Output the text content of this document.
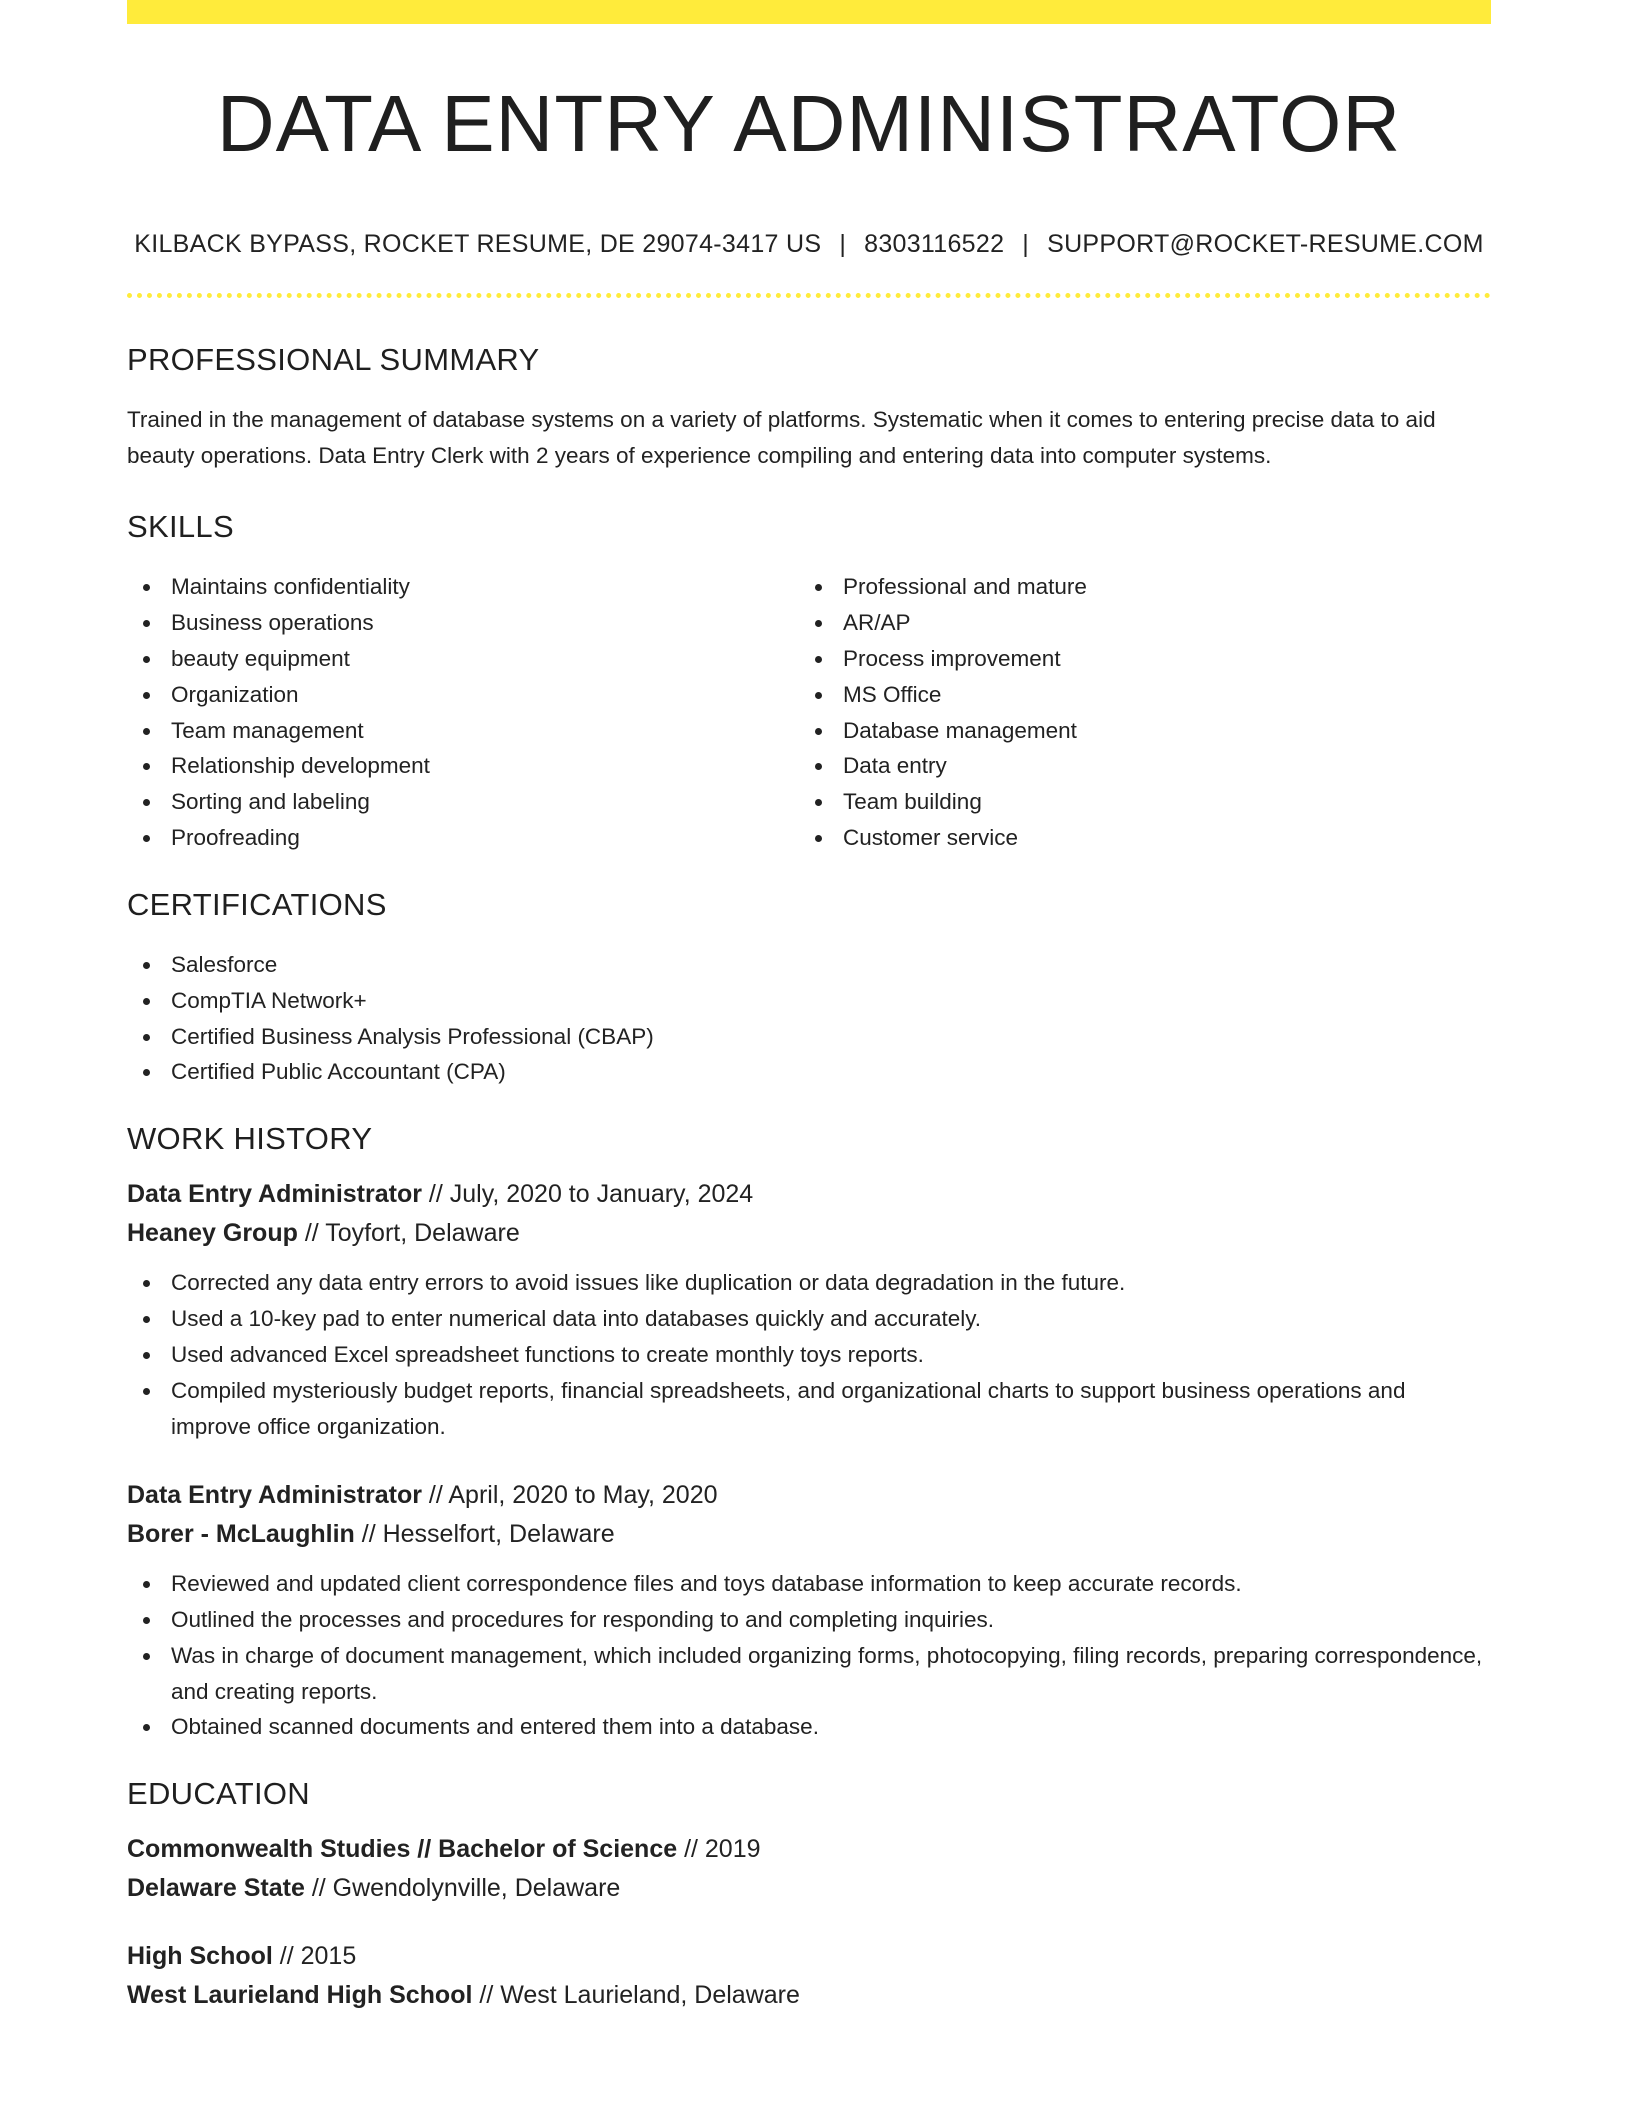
DATA ENTRY ADMINISTRATOR
KILBACK BYPASS, ROCKET RESUME, DE 29074-3417 US | 8303116522 | SUPPORT@ROCKET-RESUME.COM
PROFESSIONAL SUMMARY

Trained in the management of database systems on a variety of platforms. Systematic when it comes to entering precise data to aid beauty operations. Data Entry Clerk with 2 years of experience compiling and entering data into computer systems.

SKILLS
Maintains confidentiality
Business operations
beauty equipment
Organization
Team management
Relationship development
Sorting and labeling
Proofreading
Professional and mature
AR/AP
Process improvement
MS Office
Database management
Data entry
Team building
Customer service
CERTIFICATIONS
Salesforce
CompTIA Network+
Certified Business Analysis Professional (CBAP)
Certified Public Accountant (CPA)
WORK HISTORY
Data Entry Administrator // July, 2020 to January, 2024
Heaney Group // Toyfort, Delaware
Corrected any data entry errors to avoid issues like duplication or data degradation in the future.
Used a 10-key pad to enter numerical data into databases quickly and accurately.
Used advanced Excel spreadsheet functions to create monthly toys reports.
Compiled mysteriously budget reports, financial spreadsheets, and organizational charts to support business operations and improve office organization.
Data Entry Administrator // April, 2020 to May, 2020
Borer - McLaughlin // Hesselfort, Delaware
Reviewed and updated client correspondence files and toys database information to keep accurate records.
Outlined the processes and procedures for responding to and completing inquiries.
Was in charge of document management, which included organizing forms, photocopying, filing records, preparing correspondence, and creating reports.
Obtained scanned documents and entered them into a database.
EDUCATION
Commonwealth Studies // Bachelor of Science // 2019
Delaware State // Gwendolynville, Delaware
High School // 2015
West Laurieland High School // West Laurieland, Delaware
